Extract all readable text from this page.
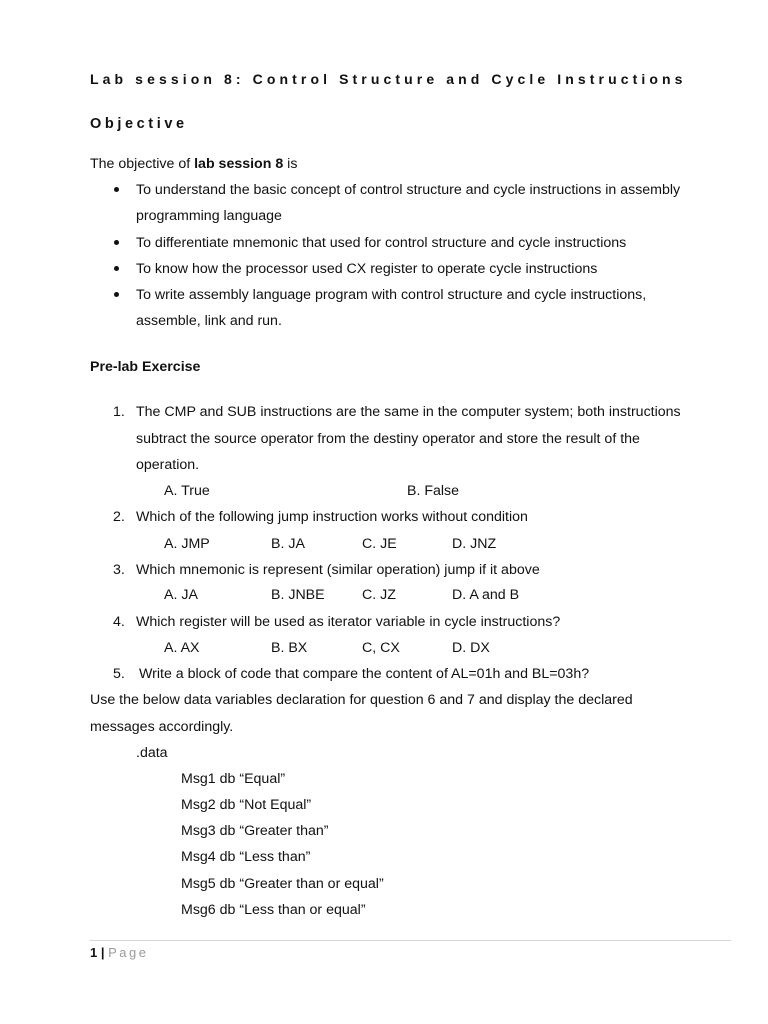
Lab session 8: Control Structure and Cycle Instructions
Objective
The objective of lab session 8 is
To understand the basic concept of control structure and cycle instructions in assembly
programming language
To differentiate mnemonic that used for control structure and cycle instructions
To know how the processor used CX register to operate cycle instructions
To write assembly language program with control structure and cycle instructions,
assemble, link and run.
Pre-lab Exercise
1. The CMP and SUB instructions are the same in the computer system; both instructions
subtract the source operator from the destiny operator and store the result of the
operation.
A. True	B. False
2. Which of the following jump instruction works without condition
A. JMP	B. JA	C. JE	D. JNZ
3. Which mnemonic is represent (similar operation) jump if it above
A. JA	B. JNBE	C. JZ	D. A and B
4. Which register will be used as iterator variable in cycle instructions?
A. AX	B. BX	C, CX	D. DX
5. Write a block of code that compare the content of AL=01h and BL=03h?
Use the below data variables declaration for question 6 and 7 and display the declared
messages accordingly.
.data
Msg1 db “Equal”
Msg2 db “Not Equal”
Msg3 db “Greater than”
Msg4 db “Less than”
Msg5 db “Greater than or equal”
Msg6 db “Less than or equal”
1 | Page
